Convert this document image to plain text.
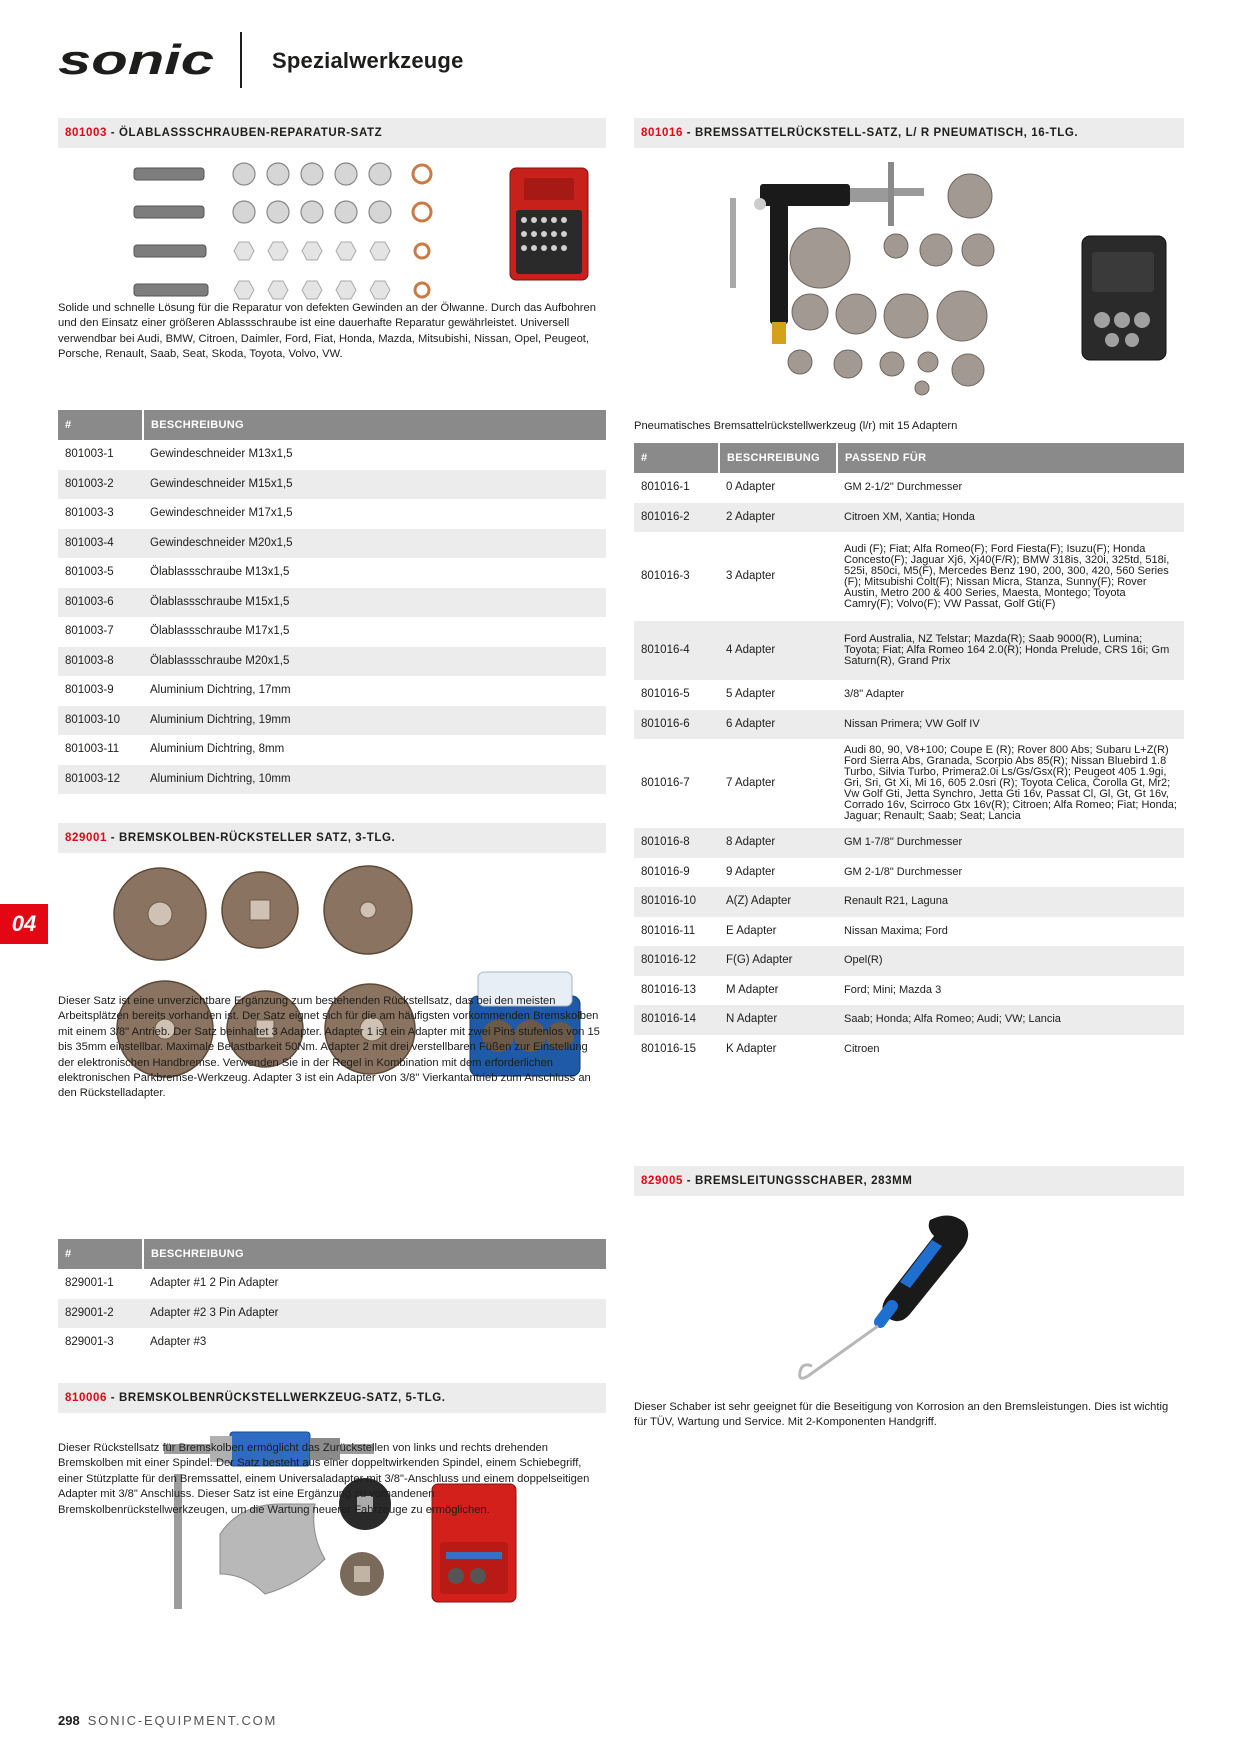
sonic	Spezialwerkzeuge
04
801003 - ÖLABLASSSCHRAUBEN-REPARATUR-SATZ
Solide und schnelle Lösung für die Reparatur von defekten Gewinden an der Ölwanne. Durch das Aufbohren und den Einsatz einer größeren Ablassschraube ist eine dauerhafte Reparatur gewährleistet. Universell verwendbar bei Audi, BMW, Citroen, Daimler, Ford, Fiat, Honda, Mazda, Mitsubishi, Nissan, Opel, Peugeot, Porsche, Renault, Saab, Seat, Skoda, Toyota, Volvo, VW.
#	BESCHREIBUNG
801003-1	Gewindeschneider M13x1,5
801003-2	Gewindeschneider M15x1,5
801003-3	Gewindeschneider M17x1,5
801003-4	Gewindeschneider M20x1,5
801003-5	Ölablassschraube M13x1,5
801003-6	Ölablassschraube M15x1,5
801003-7	Ölablassschraube M17x1,5
801003-8	Ölablassschraube M20x1,5
801003-9	Aluminium Dichtring, 17mm
801003-10	Aluminium Dichtring, 19mm
801003-11	Aluminium Dichtring, 8mm
801003-12	Aluminium Dichtring, 10mm
829001 - BREMSKOLBEN-RÜCKSTELLER SATZ, 3-TLG.
Dieser Satz ist eine unverzichtbare Ergänzung zum bestehenden Rückstellsatz, das bei den meisten Arbeitsplätzen bereits vorhanden ist. Der Satz eignet sich für die am häufigsten vorkommenden Bremskolben mit einem 3/8" Antrieb. Der Satz beinhaltet 3 Adapter. Adapter 1 ist ein Adapter mit zwei Pins stufenlos von 15 bis 35mm einstellbar. Maximale Belastbarkeit 50Nm. Adapter 2 mit drei verstellbaren Füßen zur Einstellung der elektronischen Handbremse. Verwenden Sie in der Regel in Kombination mit dem erforderlichen elektronischen Parkbremse-Werkzeug. Adapter 3 ist ein Adapter von 3/8" Vierkantantrieb zum Anschluss an den Rückstelladapter.
#	BESCHREIBUNG
829001-1	Adapter #1 2 Pin Adapter
829001-2	Adapter #2 3 Pin Adapter
829001-3	Adapter #3
810006 - BREMSKOLBENRÜCKSTELLWERKZEUG-SATZ, 5-TLG.
Dieser Rückstellsatz für Bremskolben ermöglicht das Zurückstellen von links und rechts drehenden Bremskolben mit einer Spindel. Der Satz besteht aus einer doppeltwirkenden Spindel, einem Schiebegriff, einer Stützplatte für den Bremssattel, einem Universaladapter mit 3/8"-Anschluss und einem doppelseitigen Adapter mit 3/8" Anschluss. Dieser Satz ist eine Ergänzung zu vorhandenen Bremskolbenrückstellwerkzeugen, um die Wartung neuerer Fahrzeuge zu ermöglichen.
801016 - BREMSSATTELRÜCKSTELL-SATZ, L/ R PNEUMATISCH, 16-TLG.
Pneumatisches Bremsattelrückstellwerkzeug (l/r) mit 15 Adaptern
#	BESCHREIBUNG	PASSEND FÜR
801016-1	0 Adapter	GM 2-1/2" Durchmesser
801016-2	2 Adapter	Citroen XM, Xantia; Honda
801016-3	3 Adapter	Audi (F); Fiat; Alfa Romeo(F); Ford Fiesta(F); Isuzu(F); Honda Concesto(F); Jaguar Xj6, Xj40(F/R); BMW 318is, 320i, 325td, 518i, 525i, 850ci, M5(F), Mercedes Benz 190, 200, 300, 420, 560 Series (F); Mitsubishi Colt(F); Nissan Micra, Stanza, Sunny(F); Rover Austin, Metro 200 & 400 Series, Maesta, Montego; Toyota Camry(F); Volvo(F); VW Passat, Golf Gti(F)
801016-4	4 Adapter	Ford Australia, NZ Telstar; Mazda(R); Saab 9000(R), Lumina; Toyota; Fiat; Alfa Romeo 164 2.0(R); Honda Prelude, CRS 16i; Gm Saturn(R), Grand Prix
801016-5	5 Adapter	3/8" Adapter
801016-6	6 Adapter	Nissan Primera; VW Golf IV
801016-7	7 Adapter	Audi 80, 90, V8+100; Coupe E (R); Rover 800 Abs; Subaru L+Z(R) Ford Sierra Abs, Granada, Scorpio Abs 85(R); Nissan Bluebird 1.8 Turbo, Silvia Turbo, Primera2.0i Ls/Gs/Gsx(R); Peugeot 405 1.9gi, Gri, Sri, Gt Xi, Mi 16, 605 2.0sri (R); Toyota Celica, Corolla Gt, Mr2; Vw Golf Gti, Jetta Synchro, Jetta Gti 16v, Passat Cl, Gl, Gt, Gt 16v, Corrado 16v, Scirroco Gtx 16v(R); Citroen; Alfa Romeo; Fiat; Honda; Jaguar; Renault; Saab; Seat; Lancia
801016-8	8 Adapter	GM 1-7/8" Durchmesser
801016-9	9 Adapter	GM 2-1/8" Durchmesser
801016-10	A(Z) Adapter	Renault R21, Laguna
801016-11	E Adapter	Nissan Maxima; Ford
801016-12	F(G) Adapter	Opel(R)
801016-13	M Adapter	Ford; Mini; Mazda 3
801016-14	N Adapter	Saab; Honda; Alfa Romeo; Audi; VW; Lancia
801016-15	K Adapter	Citroen
829005 - BREMSLEITUNGSSCHABER, 283MM
Dieser Schaber ist sehr geeignet für die Beseitigung von Korrosion an den Bremsleistungen. Dies ist wichtig für TÜV, Wartung und Service. Mit 2-Komponenten Handgriff.
298 SONIC-EQUIPMENT.COM
